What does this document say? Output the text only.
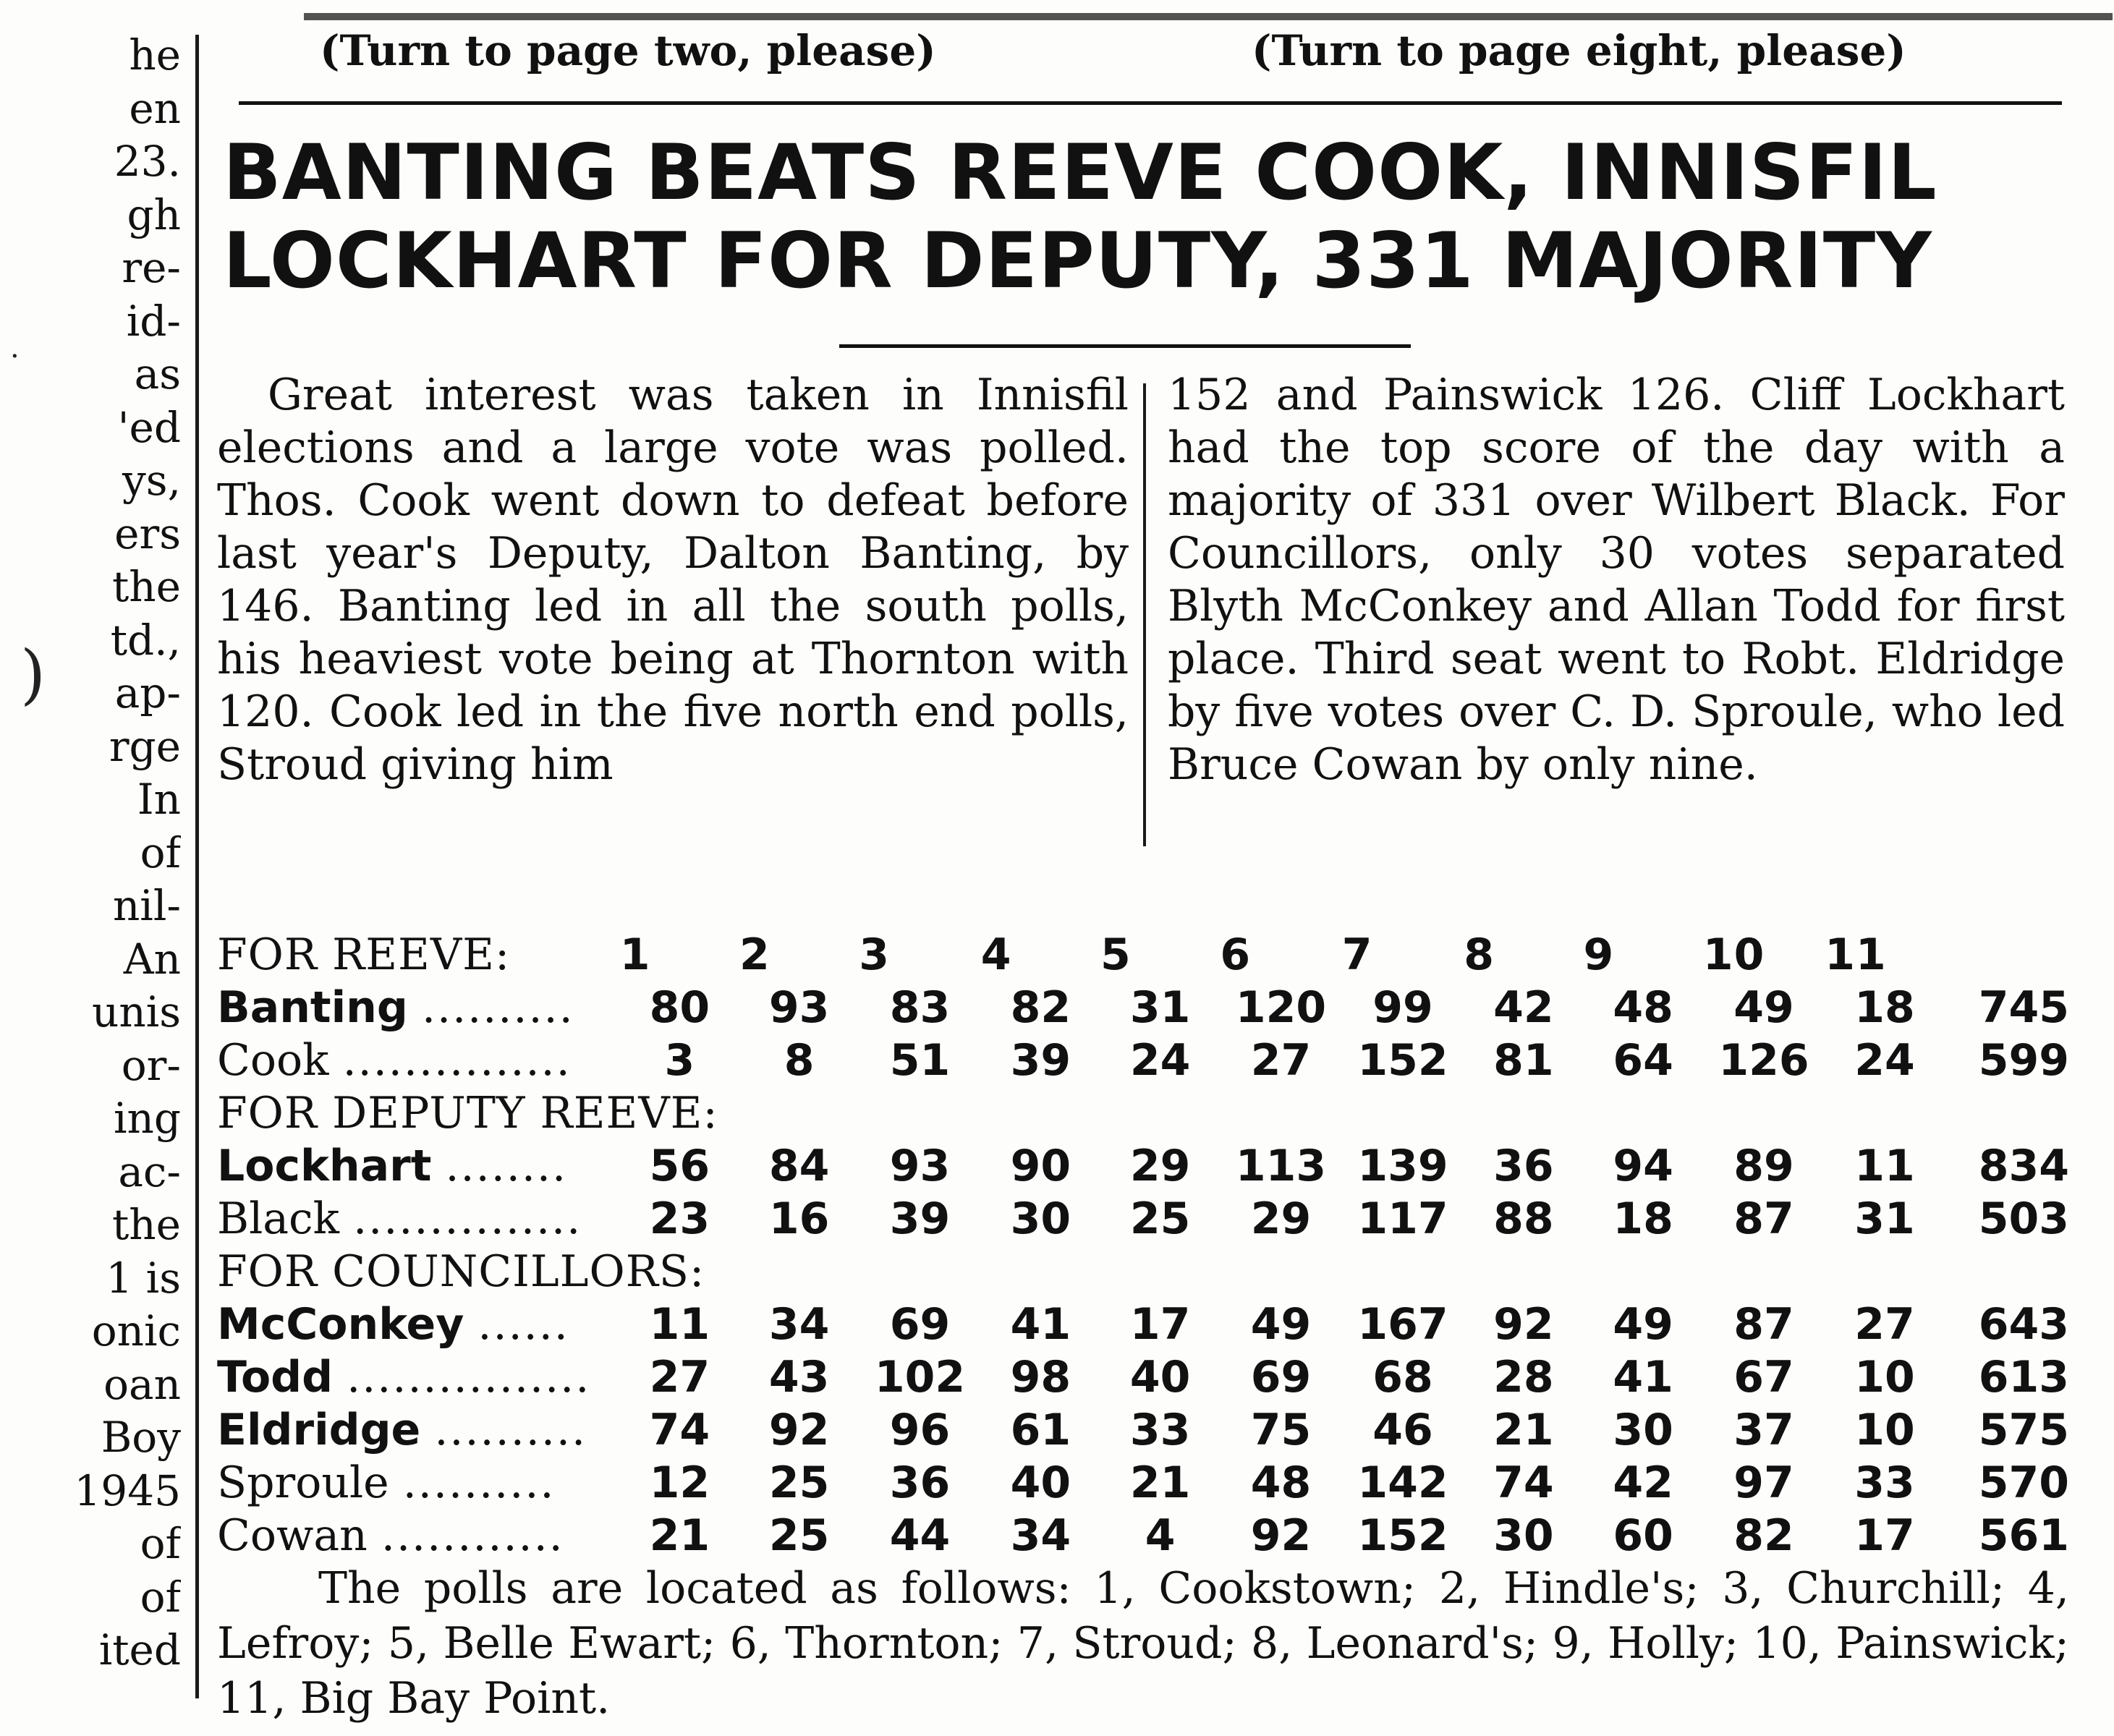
he
en
23.
gh
re-
id-
as
'ed
ys,
ers
the
td.,
ap-
rge
In
of
nil-
An
unis
or-
ing
ac-
the
1 is
onic
oan
Boy
1945
of
of
ited
·
)
(Turn to page two, please)	(Turn to page eight, please)
BANTING BEATS REEVE COOK, INNISFIL
LOCKHART FOR DEPUTY, 331 MAJORITY

Great interest was taken in Innisfil elections and a large vote was polled. Thos. Cook went down to defeat before last year's Deputy, Dalton Banting, by 146. Banting led in all the south polls, his heaviest vote being at Thornton with 120. Cook led in the five north end polls, Stroud giving him

152 and Painswick 126. Cliff Lockhart had the top score of the day with a majority of 331 over Wilbert Black. For Councillors, only 30 votes separated Blyth McConkey and Allan Todd for first place. Third seat went to Robt. Eldridge by five votes over C. D. Sproule, who led Bruce Cowan by only nine.

FOR REEVE:	1	2	3	4	5	6	7	8	9	10	11	
Banting ..........	80	93	83	82	31	120	99	42	48	49	18	745
Cook ...............	3	8	51	39	24	27	152	81	64	126	24	599
FOR DEPUTY REEVE:												
Lockhart ........	56	84	93	90	29	113	139	36	94	89	11	834
Black ...............	23	16	39	30	25	29	117	88	18	87	31	503
FOR COUNCILLORS:												
McConkey ......	11	34	69	41	17	49	167	92	49	87	27	643
Todd ................	27	43	102	98	40	69	68	28	41	67	10	613
Eldridge ..........	74	92	96	61	33	75	46	21	30	37	10	575
Sproule ..........	12	25	36	40	21	48	142	74	42	97	33	570
Cowan ............	21	25	44	34	4	92	152	30	60	82	17	561

The polls are located as follows: 1, Cookstown; 2, Hindle's; 3, Churchill; 4, Lefroy; 5, Belle Ewart; 6, Thornton; 7, Stroud; 8, Leonard's; 9, Holly; 10, Painswick; 11, Big Bay Point.
